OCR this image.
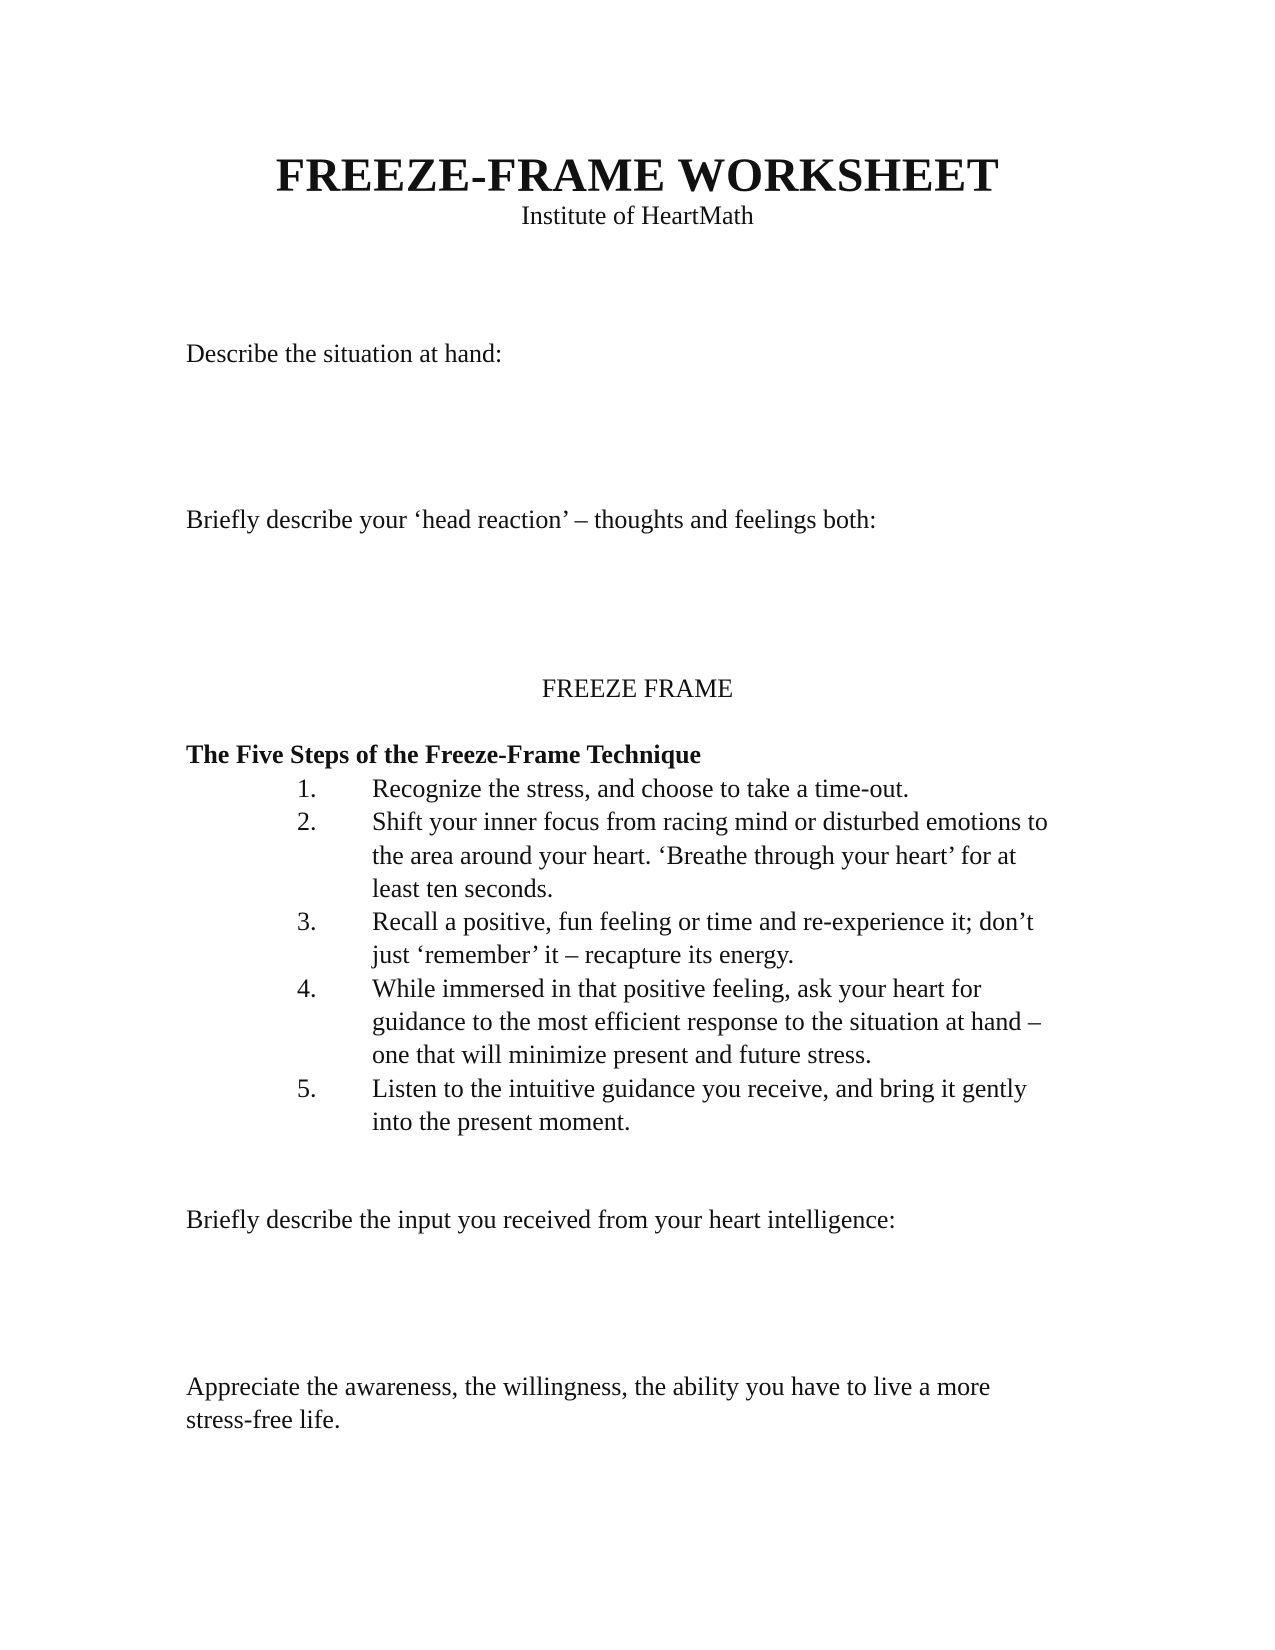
FREEZE-FRAME WORKSHEET
Institute of HeartMath
Describe the situation at hand:
Briefly describe your ‘head reaction’ – thoughts and feelings both:
FREEZE FRAME
The Five Steps of the Freeze-Frame Technique
1. Recognize the stress, and choose to take a time-out.
2. Shift your inner focus from racing mind or disturbed emotions to the area around your heart. ‘Breathe through your heart’ for at least ten seconds.
3. Recall a positive, fun feeling or time and re-experience it; don’t just ‘remember’ it – recapture its energy.
4. While immersed in that positive feeling, ask your heart for guidance to the most efficient response to the situation at hand – one that will minimize present and future stress.
5. Listen to the intuitive guidance you receive, and bring it gently into the present moment.
Briefly describe the input you received from your heart intelligence:
Appreciate the awareness, the willingness, the ability you have to live a more stress-free life.
